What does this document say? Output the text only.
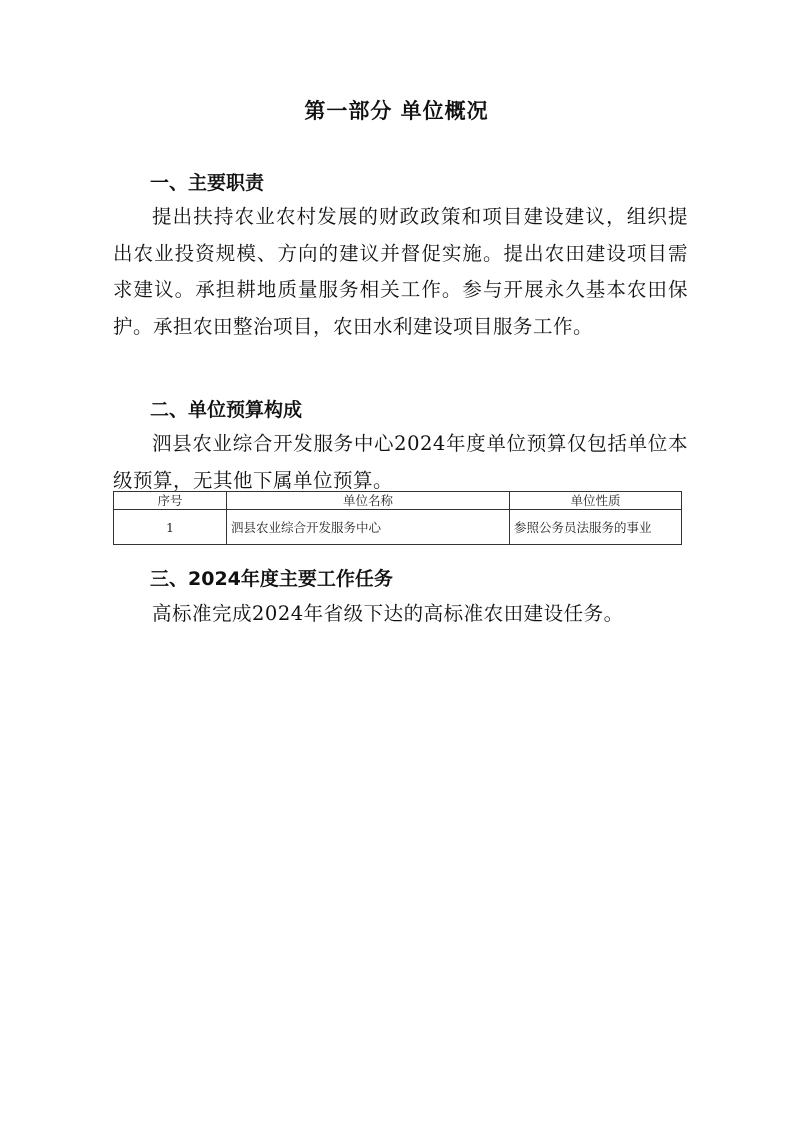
第一部分 单位概况
一、主要职责

提出扶持农业农村发展的财政政策和项目建设建议，组织提出农业投资规模、方向的建议并督促实施。提出农田建设项目需求建议。承担耕地质量服务相关工作。参与开展永久基本农田保护。承担农田整治项目，农田水利建设项目服务工作。

二、单位预算构成

泗县农业综合开发服务中心2024年度单位预算仅包括单位本级预算，无其他下属单位预算。

序号	单位名称	单位性质
1	泗县农业综合开发服务中心	参照公务员法服务的事业
三、2024年度主要工作任务

高标准完成2024年省级下达的高标准农田建设任务。
